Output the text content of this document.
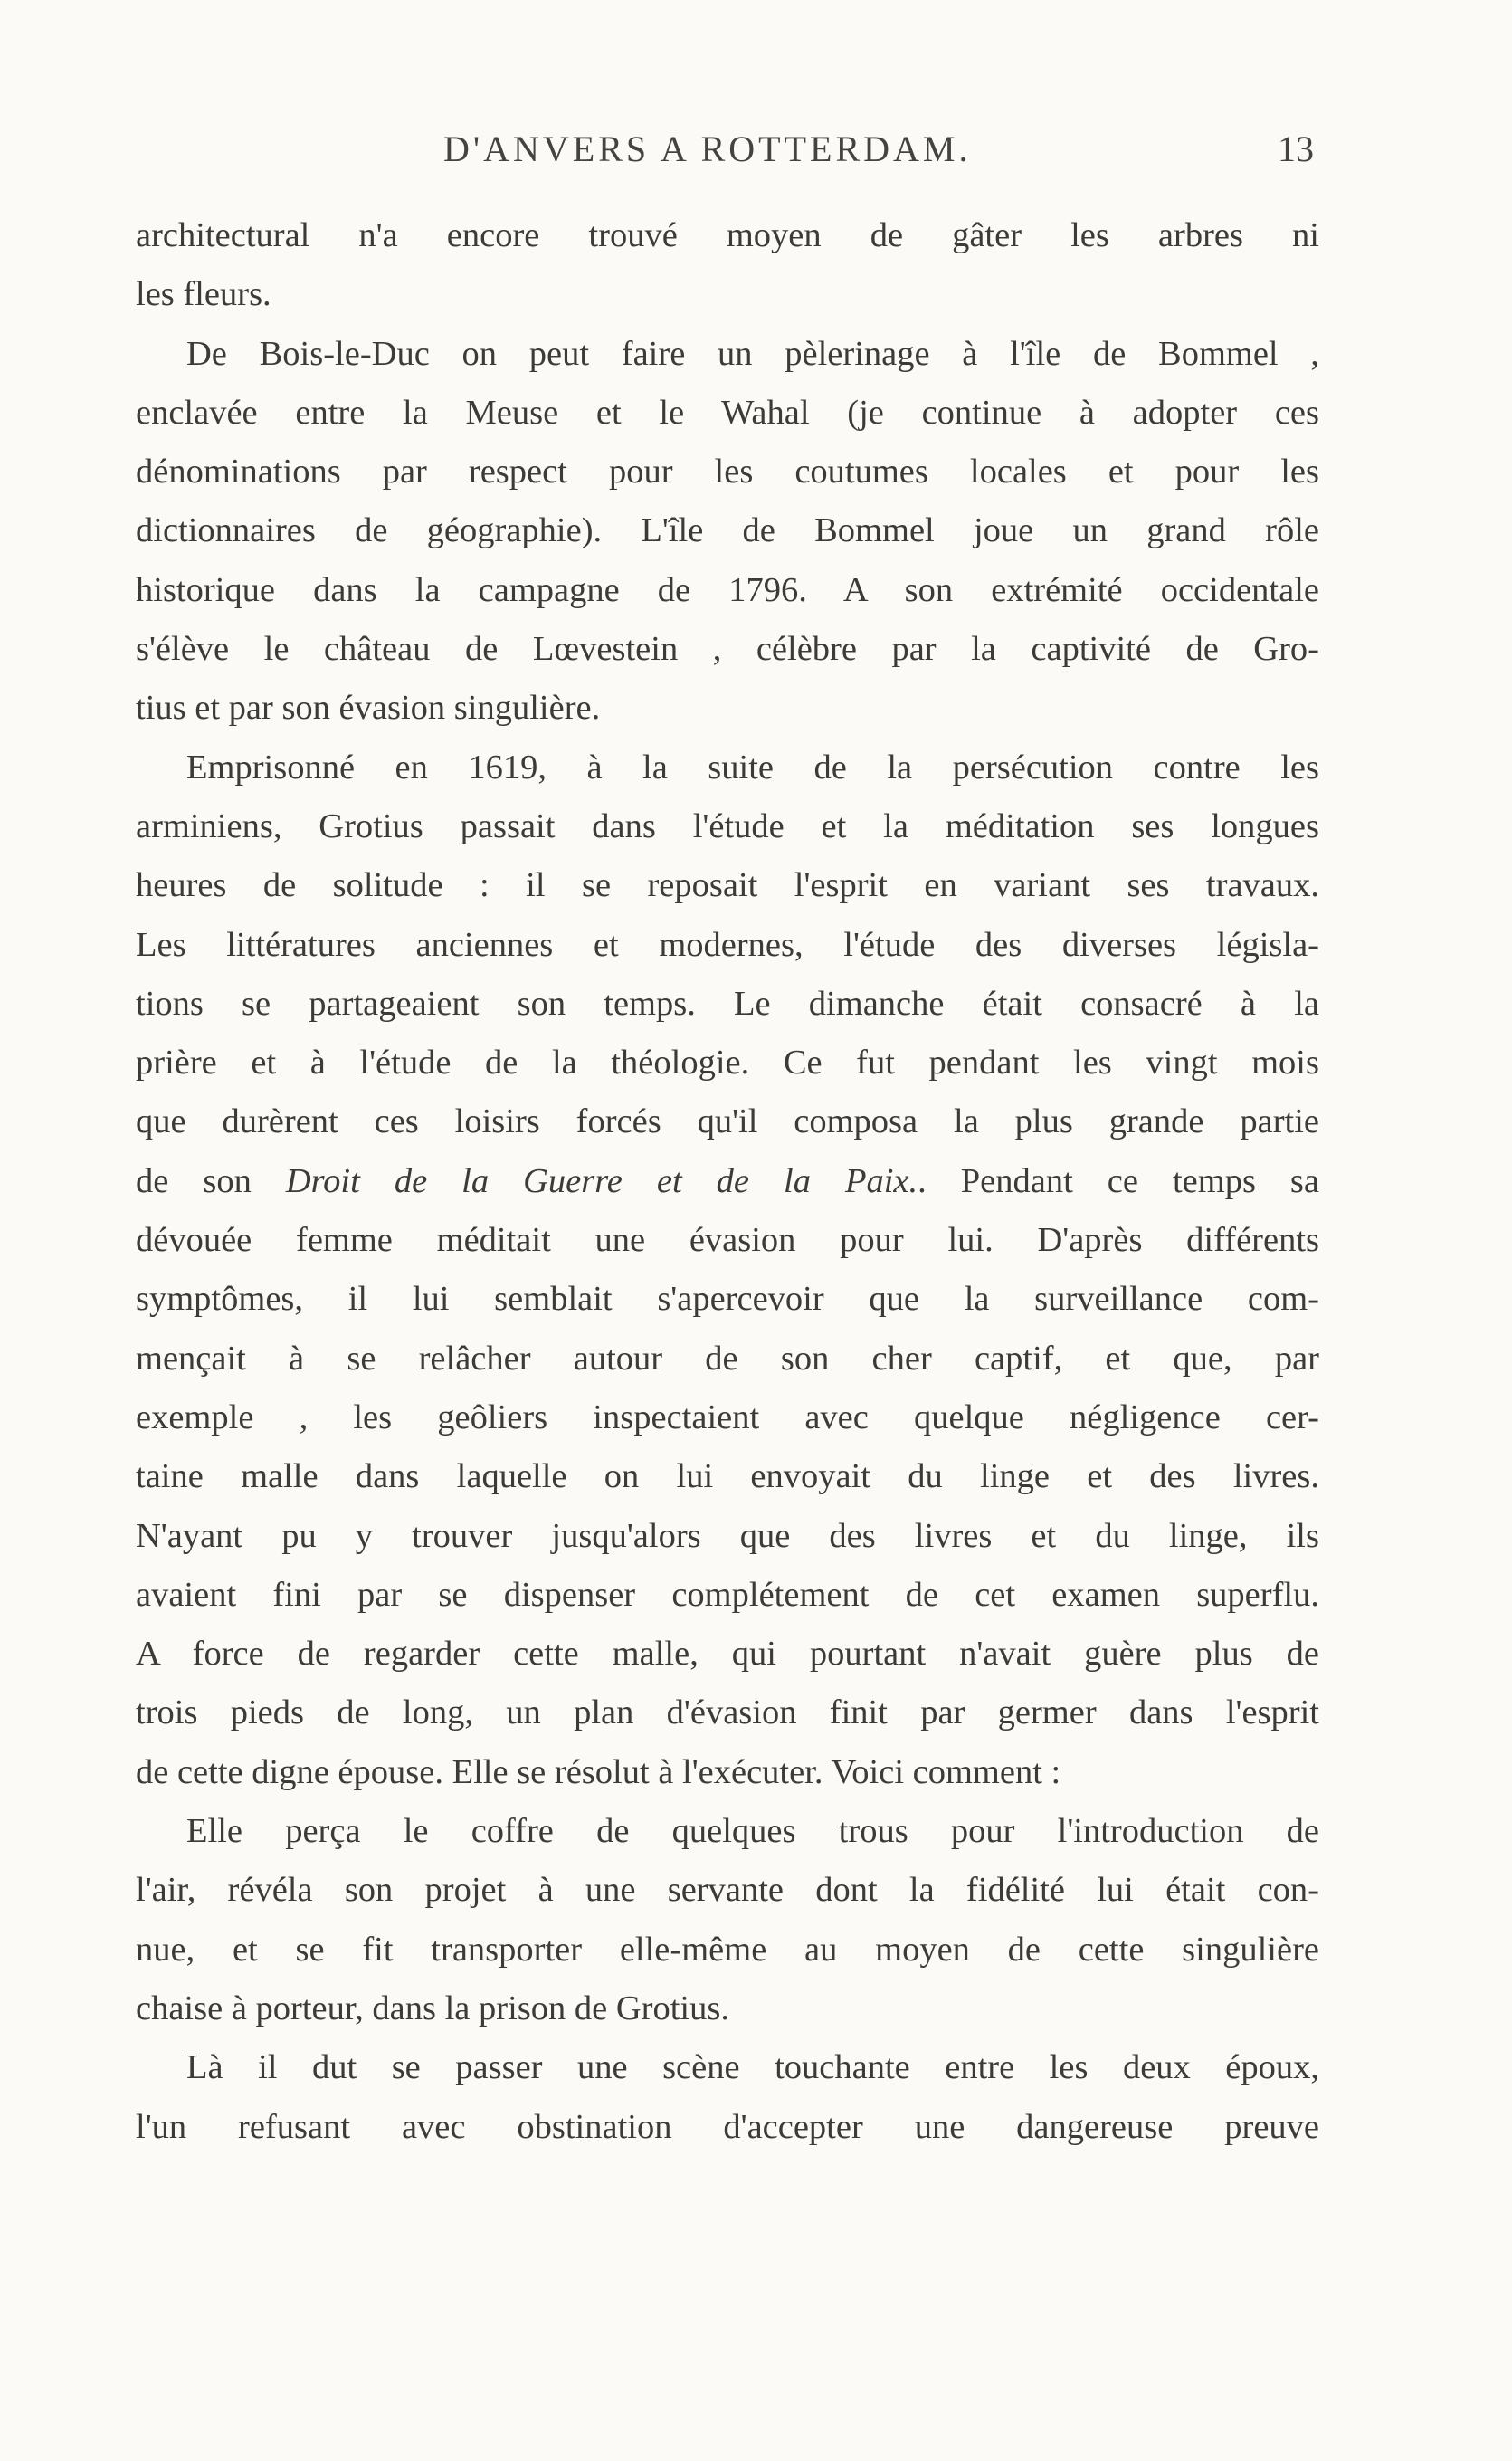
D'ANVERS A ROTTERDAM.	13
architectural n'a encore trouvé moyen de gâter les arbres ni
les fleurs.
De Bois-le-Duc on peut faire un pèlerinage à l'île de Bommel ,
enclavée entre la Meuse et le Wahal (je continue à adopter ces
dénominations par respect pour les coutumes locales et pour les
dictionnaires de géographie). L'île de Bommel joue un grand rôle
historique dans la campagne de 1796. A son extrémité occidentale
s'élève le château de Lœvestein , célèbre par la captivité de Gro-
tius et par son évasion singulière.
Emprisonné en 1619, à la suite de la persécution contre les
arminiens, Grotius passait dans l'étude et la méditation ses longues
heures de solitude : il se reposait l'esprit en variant ses travaux.
Les littératures anciennes et modernes, l'étude des diverses législa-
tions se partageaient son temps. Le dimanche était consacré à la
prière et à l'étude de la théologie. Ce fut pendant les vingt mois
que durèrent ces loisirs forcés qu'il composa la plus grande partie
de son Droit de la Guerre et de la Paix.. Pendant ce temps sa
dévouée femme méditait une évasion pour lui. D'après différents
symptômes, il lui semblait s'apercevoir que la surveillance com-
mençait à se relâcher autour de son cher captif, et que, par
exemple , les geôliers inspectaient avec quelque négligence cer-
taine malle dans laquelle on lui envoyait du linge et des livres.
N'ayant pu y trouver jusqu'alors que des livres et du linge, ils
avaient fini par se dispenser complétement de cet examen superflu.
A force de regarder cette malle, qui pourtant n'avait guère plus de
trois pieds de long, un plan d'évasion finit par germer dans l'esprit
de cette digne épouse. Elle se résolut à l'exécuter. Voici comment :
Elle perça le coffre de quelques trous pour l'introduction de
l'air, révéla son projet à une servante dont la fidélité lui était con-
nue, et se fit transporter elle-même au moyen de cette singulière
chaise à porteur, dans la prison de Grotius.
Là il dut se passer une scène touchante entre les deux époux,
l'un refusant avec obstination d'accepter une dangereuse preuve
